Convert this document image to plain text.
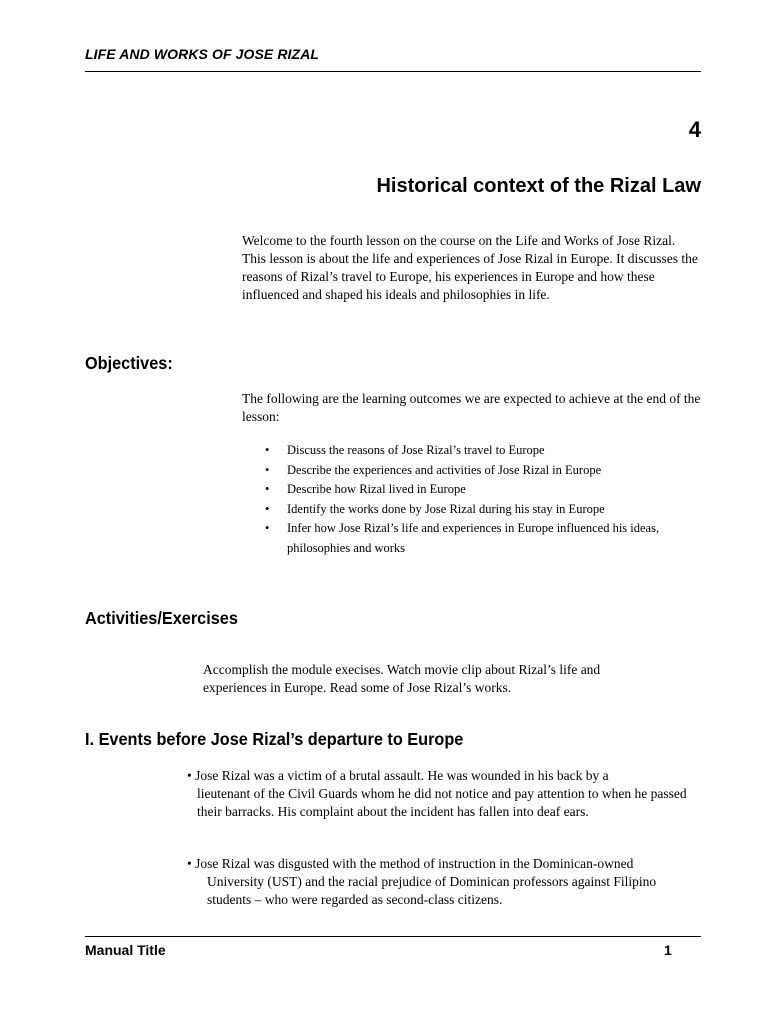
LIFE AND WORKS OF JOSE RIZAL
4
Historical context of the Rizal Law
Welcome to the fourth lesson on the course on the Life and Works of Jose Rizal. This lesson is about the life and experiences of Jose Rizal in Europe. It discusses the reasons of Rizal’s travel to Europe, his experiences in Europe and how these influenced and shaped his ideals and philosophies in life.
Objectives:
The following are the learning outcomes we are expected to achieve at the end of the lesson:
• Discuss the reasons of Jose Rizal’s travel to Europe
• Describe the experiences and activities of Jose Rizal in Europe
• Describe how Rizal lived in Europe
• Identify the works done by Jose Rizal during his stay in Europe
• Infer how Jose Rizal’s life and experiences in Europe influenced his ideas, philosophies and works
Activities/Exercises
Accomplish the module execises. Watch movie clip about Rizal’s life and experiences in Europe. Read some of Jose Rizal’s works.
I. Events before Jose Rizal’s departure to Europe
• Jose Rizal was a victim of a brutal assault. He was wounded in his back by a
lieutenant of the Civil Guards whom he did not notice and pay attention to when he passed their barracks. His complaint about the incident has fallen into deaf ears.
• Jose Rizal was disgusted with the method of instruction in the Dominican-owned
University (UST) and the racial prejudice of Dominican professors against Filipino students – who were regarded as second-class citizens.
Manual Title	1
